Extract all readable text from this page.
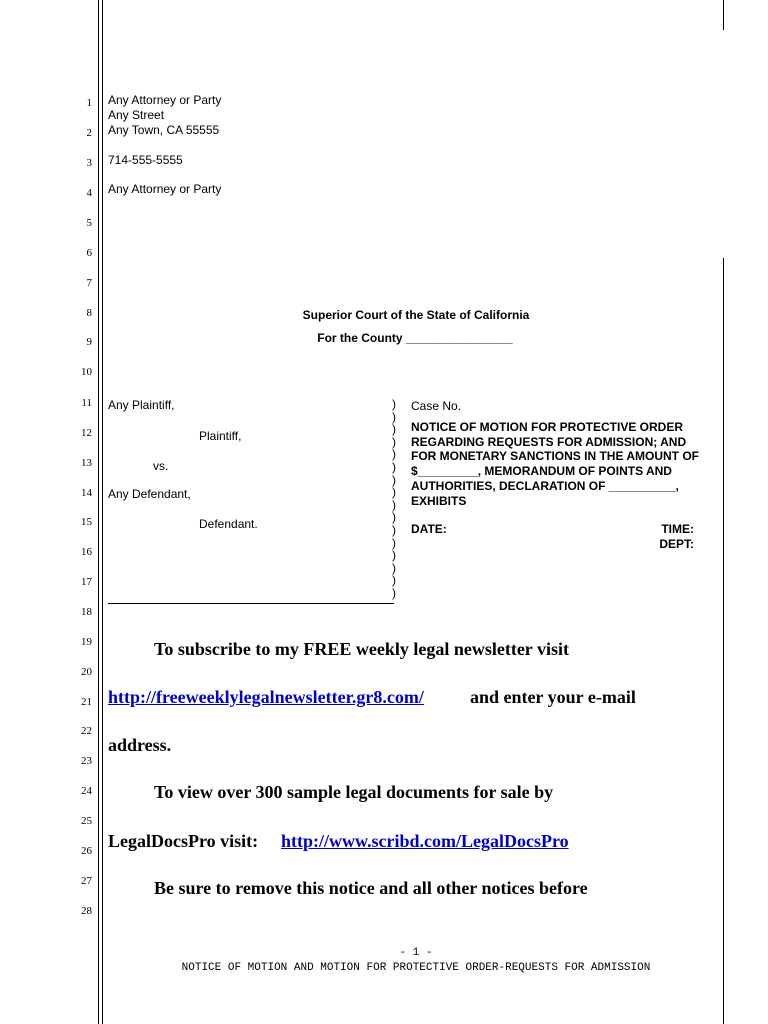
1
2
3
4
5
6
7
8
9
10
11
12
13
14
15
16
17
18
19
20
21
22
23
24
25
26
27
28
Any Attorney or Party
Any Street
Any Town, CA 55555
714-555-5555
Any Attorney or Party
Superior Court of the State of California
For the County ________________
Any Plaintiff,
Plaintiff,
vs.
Any Defendant,
Defendant.
)
)
)
)
)
)
)
)
)
)
)
)
)
)
)
)
Case No.
NOTICE OF MOTION FOR PROTECTIVE ORDER REGARDING REQUESTS FOR ADMISSION; AND FOR MONETARY SANCTIONS IN THE AMOUNT OF $_________, MEMORANDUM OF POINTS AND AUTHORITIES, DECLARATION OF __________, EXHIBITS
DATE:	TIME:
DEPT:
To subscribe to my FREE weekly legal newsletter visit
http://freeweeklylegalnewsletter.gr8.com/	and enter your e-mail
address.
To view over 300 sample legal documents for sale by
LegalDocsPro visit: http://www.scribd.com/LegalDocsPro
Be sure to remove this notice and all other notices before
- 1 -
NOTICE OF MOTION AND MOTION FOR PROTECTIVE ORDER-REQUESTS FOR ADMISSION
